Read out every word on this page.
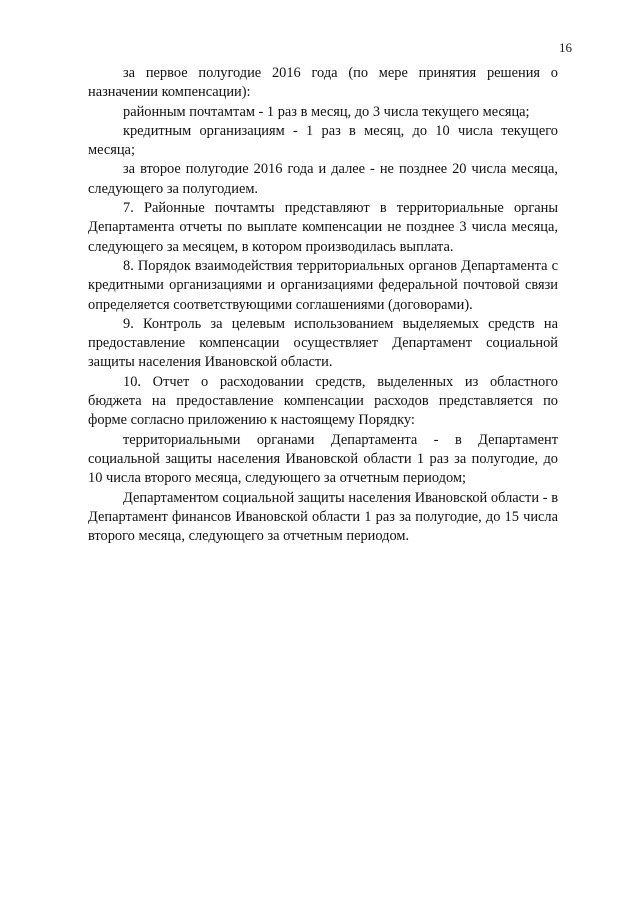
16

за первое полугодие 2016 года (по мере принятия решения о назначении компенсации):

районным почтамтам - 1 раз в месяц, до 3 числа текущего месяца;

кредитным организациям - 1 раз в месяц, до 10 числа текущего месяца;

за второе полугодие 2016 года и далее - не позднее 20 числа месяца, следующего за полугодием.

7. Районные почтамты представляют в территориальные органы Департамента отчеты по выплате компенсации не позднее 3 числа месяца, следующего за месяцем, в котором производилась выплата.

8. Порядок взаимодействия территориальных органов Департамента с кредитными организациями и организациями федеральной почтовой связи определяется соответствующими соглашениями (договорами).

9. Контроль за целевым использованием выделяемых средств на предоставление компенсации осуществляет Департамент социальной защиты населения Ивановской области.

10. Отчет о расходовании средств, выделенных из областного бюджета на предоставление компенсации расходов представляется по форме согласно приложению к настоящему Порядку:

территориальными органами Департамента - в Департамент социальной защиты населения Ивановской области 1 раз за полугодие, до 10 числа второго месяца, следующего за отчетным периодом;

Департаментом социальной защиты населения Ивановской области - в Департамент финансов Ивановской области 1 раз за полугодие, до 15 числа второго месяца, следующего за отчетным периодом.
